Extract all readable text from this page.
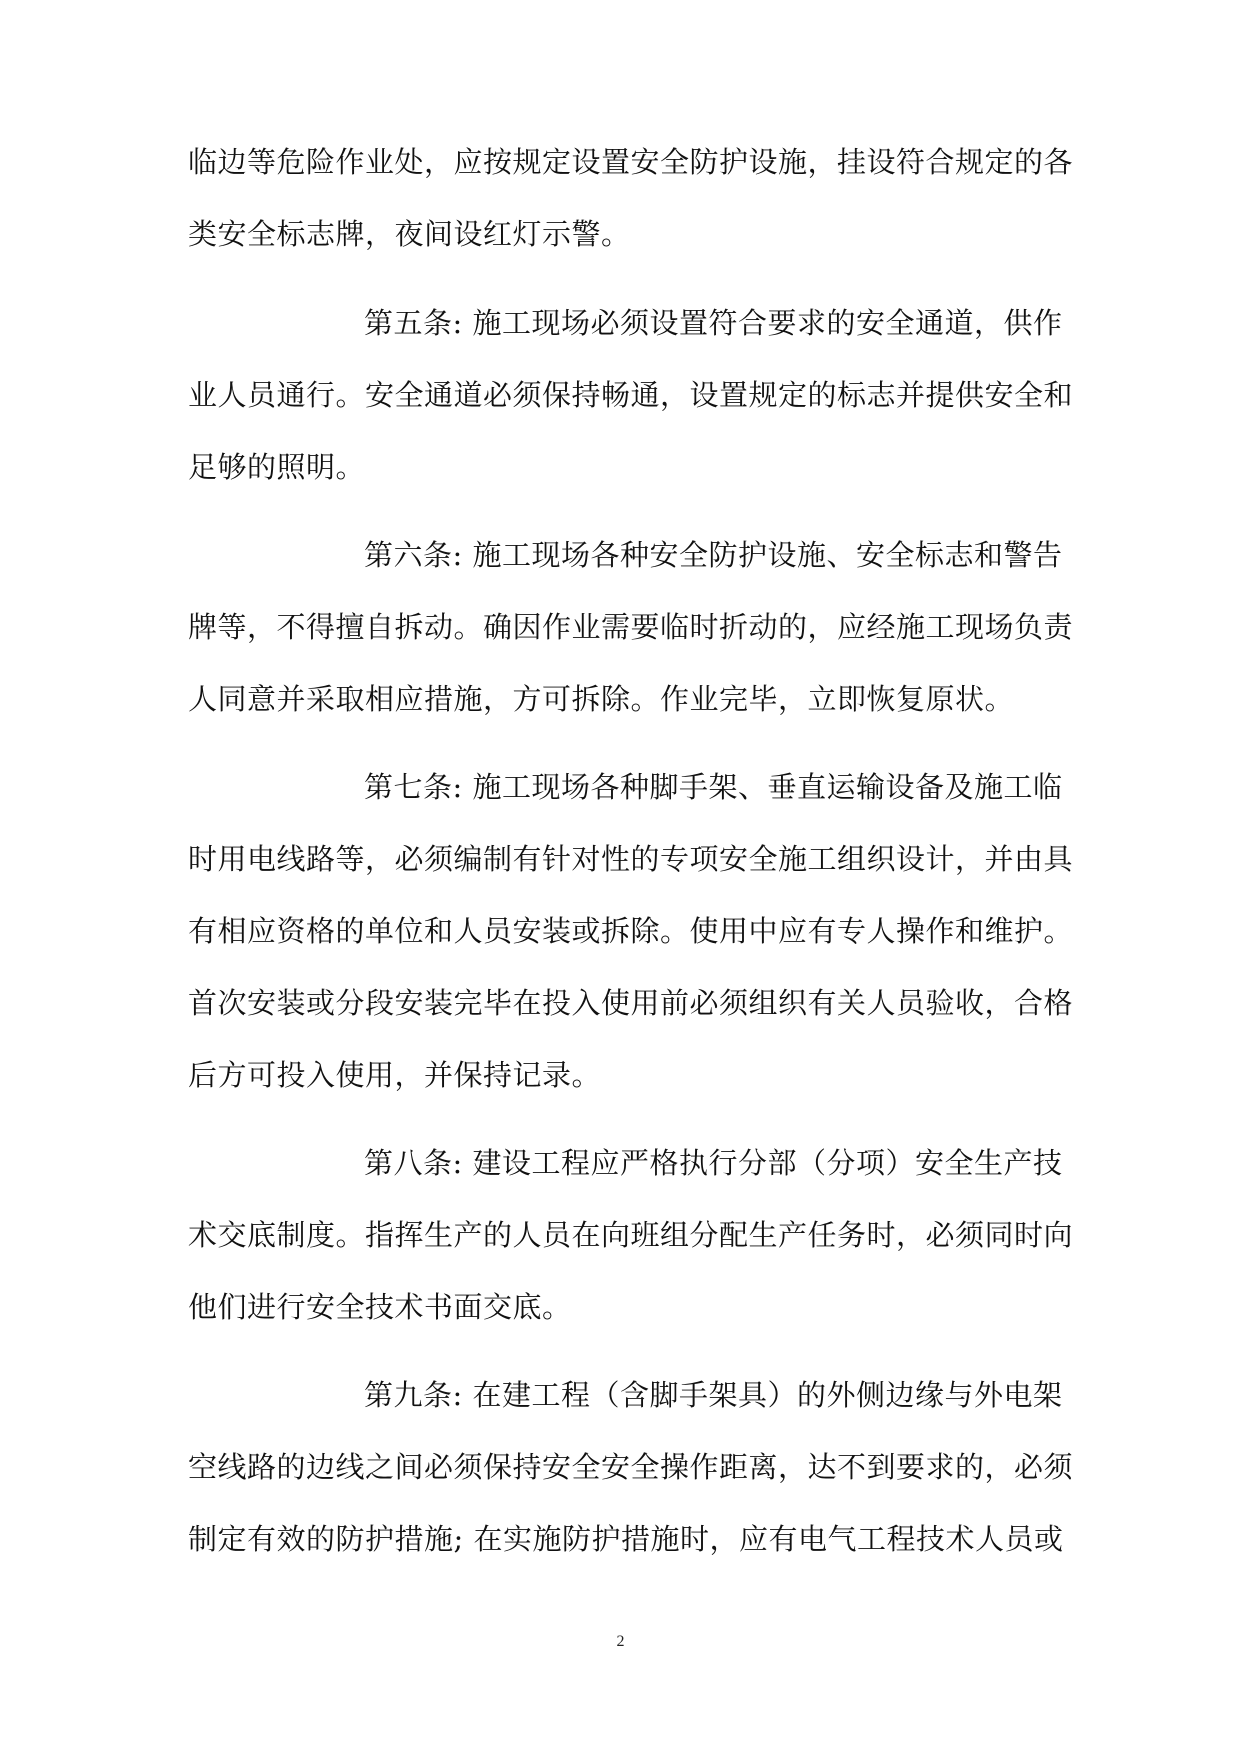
临边等危险作业处，应按规定设置安全防护设施，挂设符合规定的各
类安全标志牌，夜间设红灯示警。
第五条: 施工现场必须设置符合要求的安全通道，供作
业人员通行。安全通道必须保持畅通，设置规定的标志并提供安全和
足够的照明。
第六条: 施工现场各种安全防护设施、安全标志和警告
牌等，不得擅自拆动。确因作业需要临时折动的，应经施工现场负责
人同意并采取相应措施，方可拆除。作业完毕，立即恢复原状。
第七条: 施工现场各种脚手架、垂直运输设备及施工临
时用电线路等，必须编制有针对性的专项安全施工组织设计，并由具
有相应资格的单位和人员安装或拆除。使用中应有专人操作和维护。
首次安装或分段安装完毕在投入使用前必须组织有关人员验收，合格
后方可投入使用，并保持记录。
第八条: 建设工程应严格执行分部（分项）安全生产技
术交底制度。指挥生产的人员在向班组分配生产任务时，必须同时向
他们进行安全技术书面交底。
第九条: 在建工程（含脚手架具）的外侧边缘与外电架
空线路的边线之间必须保持安全安全操作距离，达不到要求的，必须
制定有效的防护措施; 在实施防护措施时，应有电气工程技术人员或
2
